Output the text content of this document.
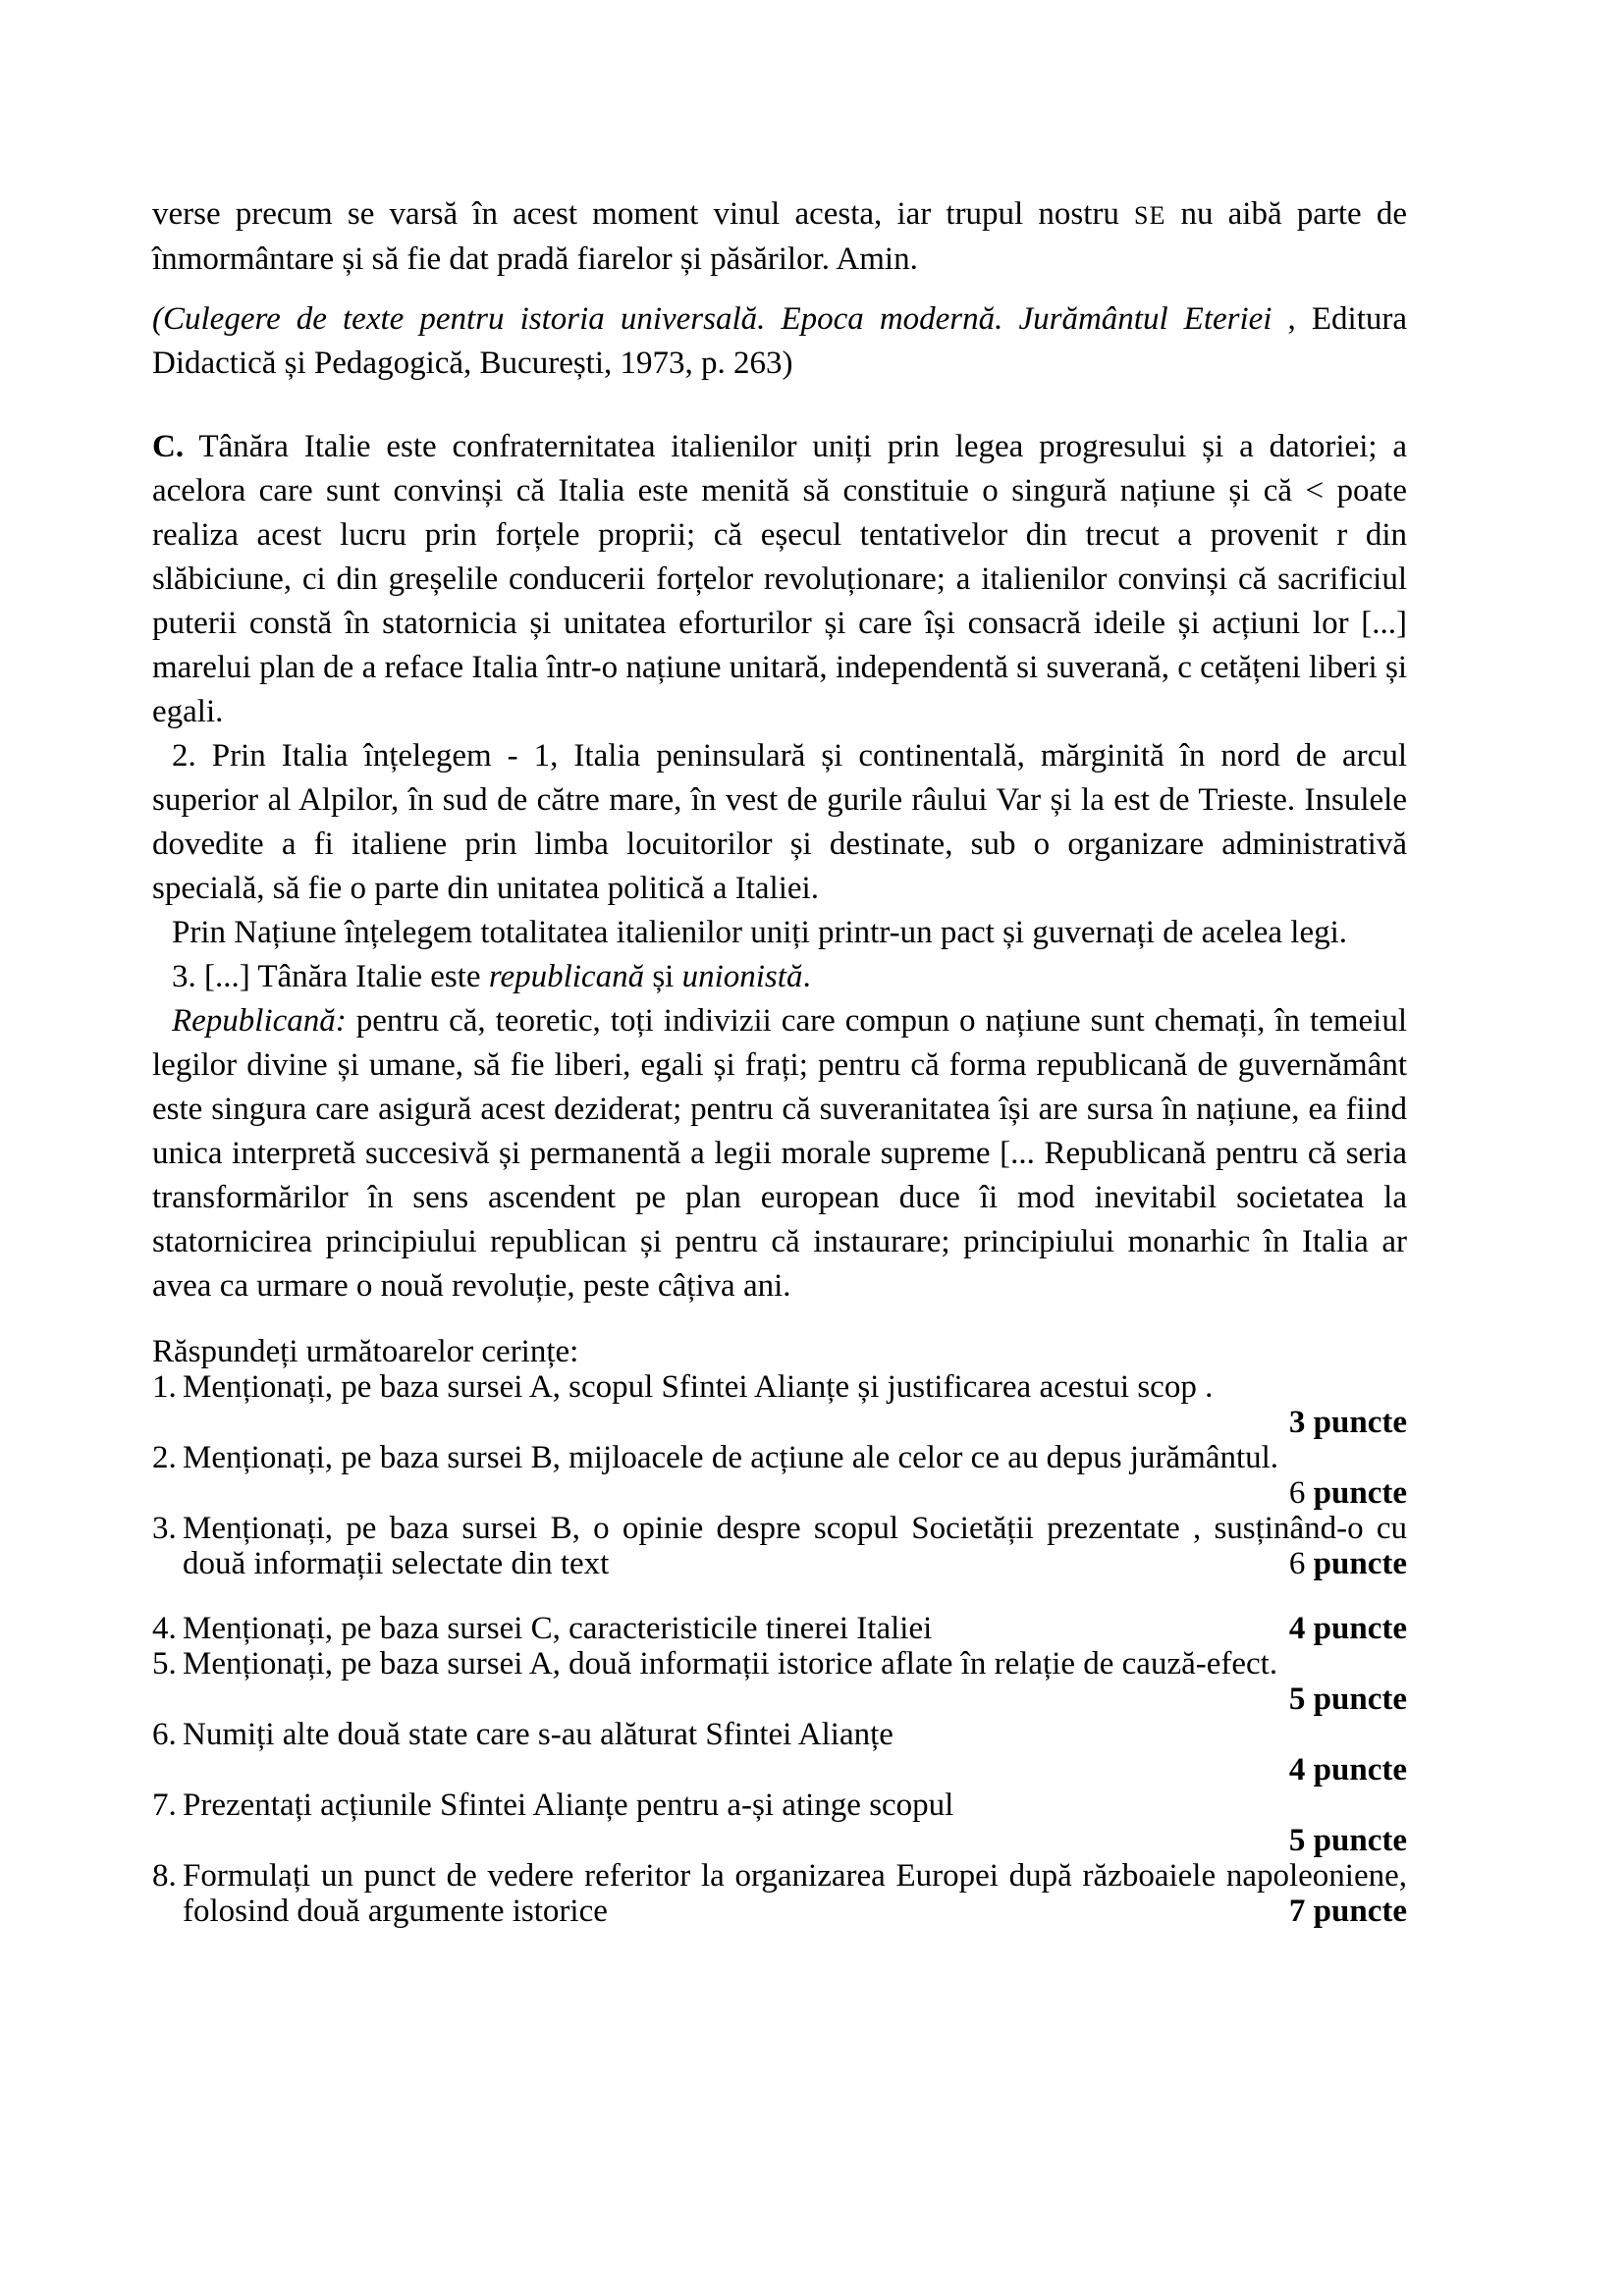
verse precum se varsă în acest moment vinul acesta, iar trupul nostru SE nu aibă parte de înmormântare și să fie dat pradă fiarelor și păsărilor. Amin.

(Culegere de texte pentru istoria universală. Epoca modernă. Jurământul Eteriei , Editura Didactică și Pedagogică, București, 1973, p. 263)

C. Tânăra Italie este confraternitatea italienilor uniți prin legea progresului și a datoriei; a acelora care sunt convinși că Italia este menită să constituie o singură națiune și că < poate realiza acest lucru prin forțele proprii; că eșecul tentativelor din trecut a provenit r din slăbiciune, ci din greșelile conducerii forțelor revoluționare; a italienilor convinși că sacrificiul puterii constă în statornicia și unitatea eforturilor și care își consacră ideile și acțiuni lor [...] marelui plan de a reface Italia într-o națiune unitară, independentă si suverană, c cetățeni liberi și egali.

2. Prin Italia înțelegem - 1, Italia peninsulară și continentală, mărginită în nord de arcul superior al Alpilor, în sud de către mare, în vest de gurile râului Var și la est de Trieste. Insulele dovedite a fi italiene prin limba locuitorilor și destinate, sub o organizare administrativă specială, să fie o parte din unitatea politică a Italiei.

Prin Națiune înțelegem totalitatea italienilor uniți printr-un pact și guvernați de acelea legi.

3. [...] Tânăra Italie este republicană și unionistă.

Republicană: pentru că, teoretic, toți indivizii care compun o națiune sunt chemați, în temeiul legilor divine și umane, să fie liberi, egali și frați; pentru că forma republicană de guvernământ este singura care asigură acest deziderat; pentru că suveranitatea își are sursa în națiune, ea fiind unica interpretă succesivă și permanentă a legii morale supreme [... Republicană pentru că seria transformărilor în sens ascendent pe plan european duce îi mod inevitabil societatea la statornicirea principiului republican și pentru că instaurare; principiului monarhic în Italia ar avea ca urmare o nouă revoluție, peste câțiva ani.

Răspundeți următoarelor cerințe:

1. Menționați, pe baza sursei A, scopul Sfintei Alianțe și justificarea acestui scop .
3 puncte
2. Menționați, pe baza sursei B, mijloacele de acțiune ale celor ce au depus jurământul.
6 puncte
3. Menționați, pe baza sursei B, o opinie despre scopul Societății prezentate , susținând-o cu două informații selectate din text	6 puncte
4. Menționați, pe baza sursei C, caracteristicile tinerei Italiei	4 puncte
5. Menționați, pe baza sursei A, două informații istorice aflate în relație de cauză-efect.
5 puncte
6. Numiți alte două state care s-au alăturat Sfintei Alianțe
4 puncte
7. Prezentați acțiunile Sfintei Alianțe pentru a-și atinge scopul
5 puncte
8. Formulați un punct de vedere referitor la organizarea Europei după războaiele napoleoniene, folosind două argumente istorice	7 puncte
